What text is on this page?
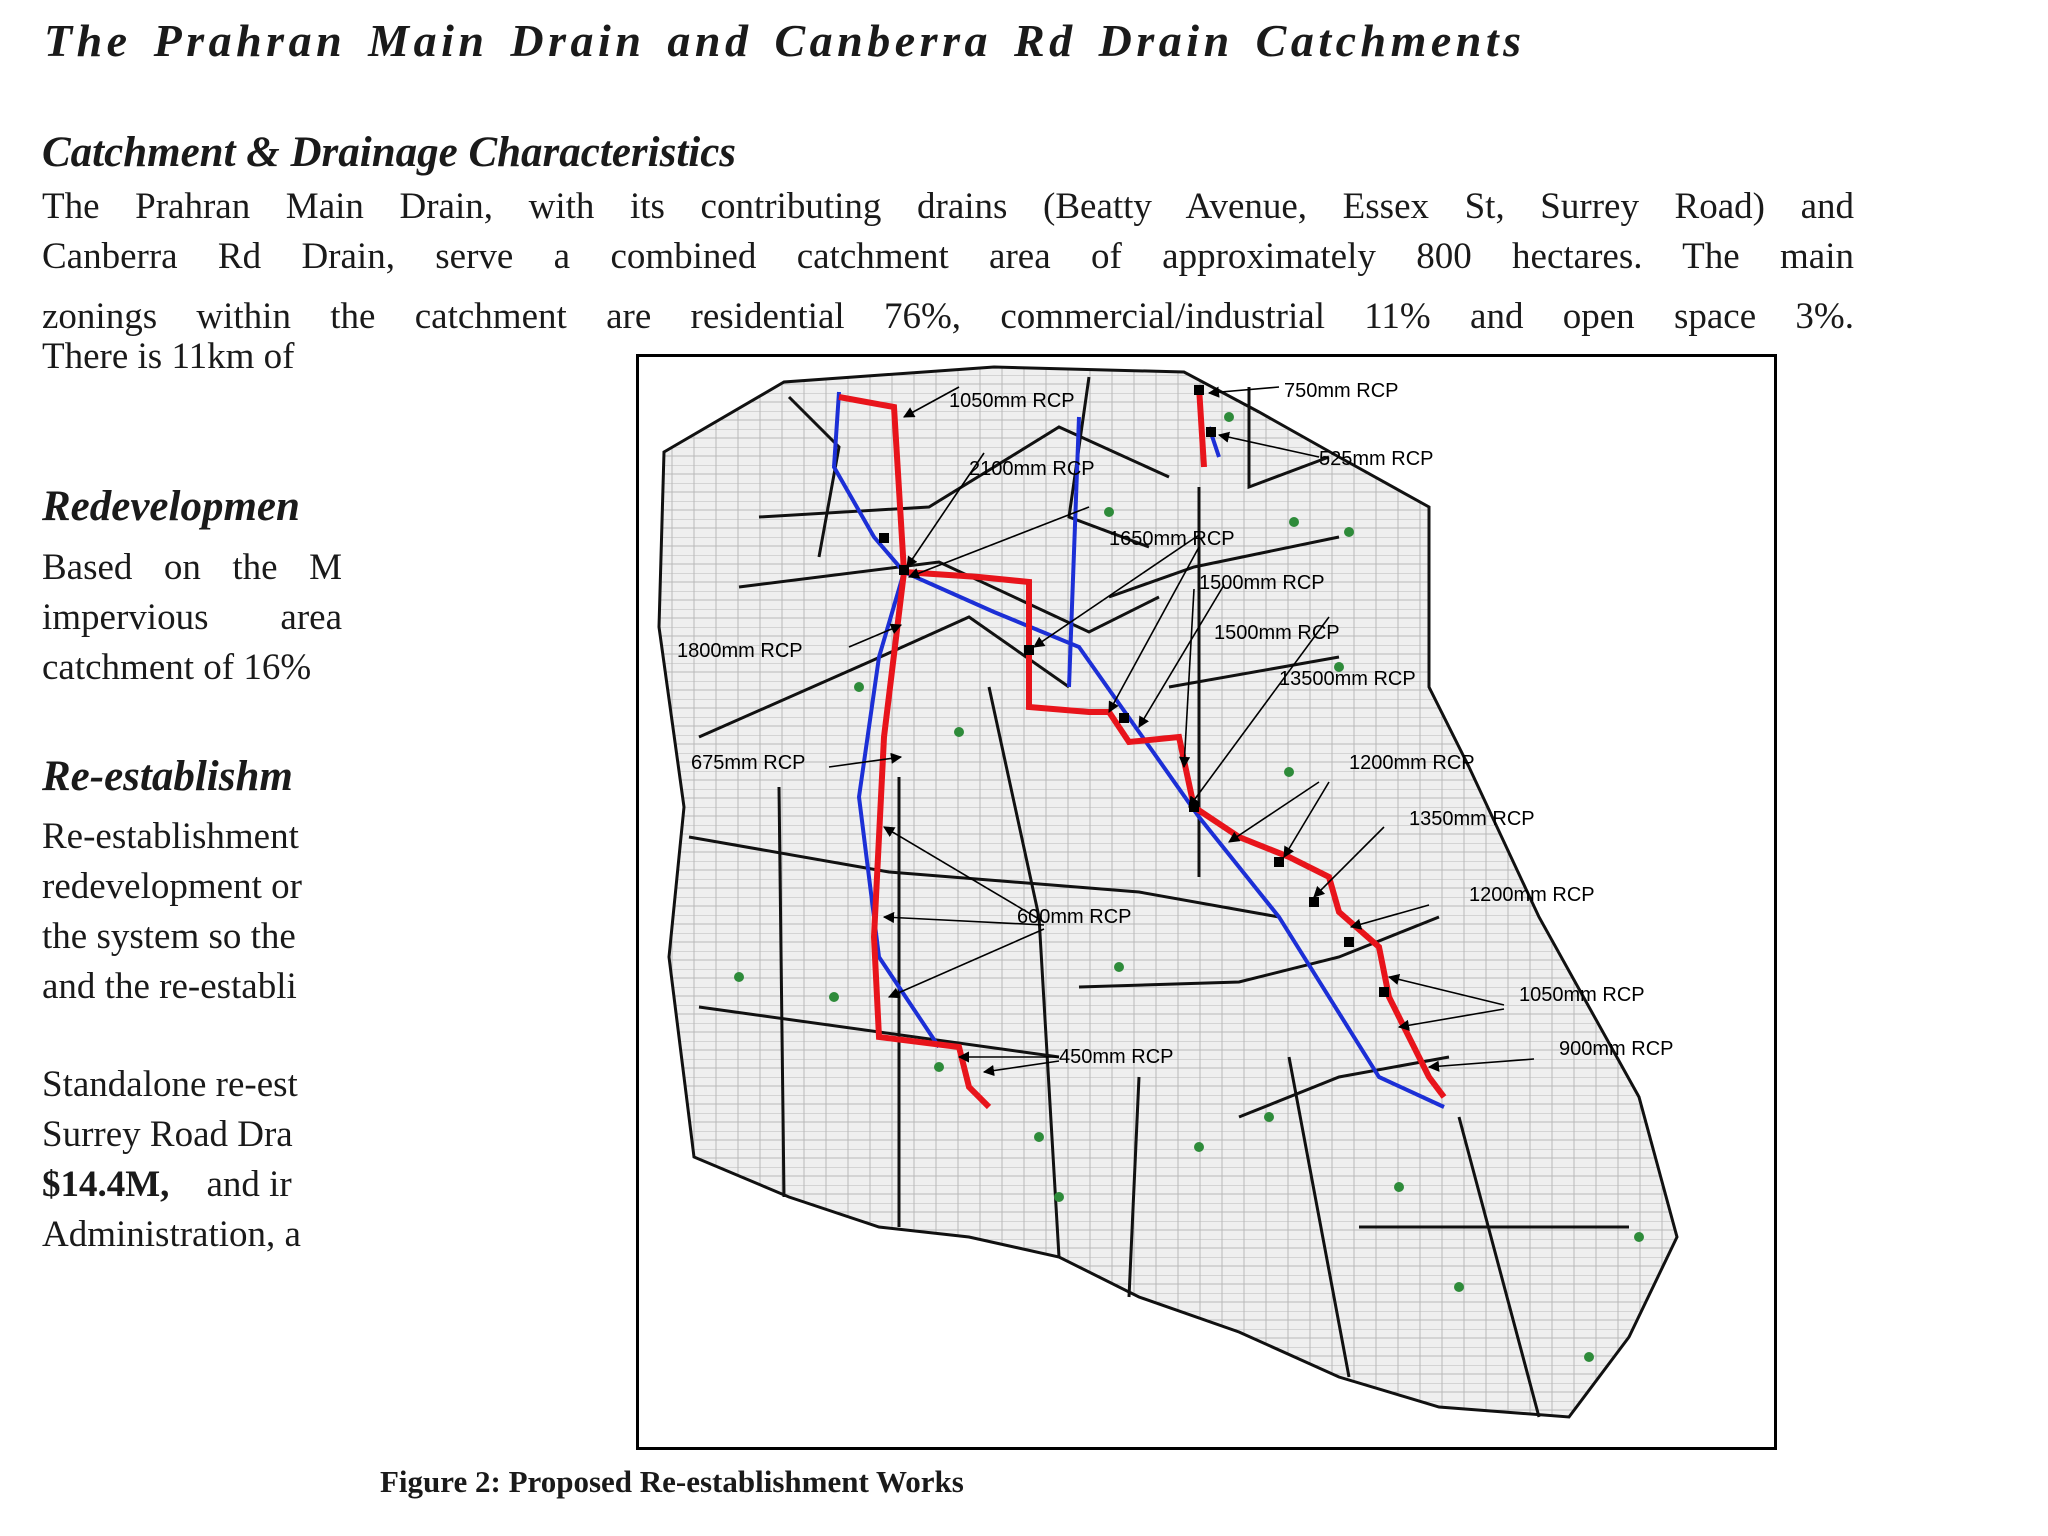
The Prahran Main Drain and Canberra Rd Drain Catchments
Catchment & Drainage Characteristics
The Prahran Main Drain, with its contributing drains (Beatty Avenue, Essex St, Surrey Road) and
Canberra Rd Drain, serve a combined catchment area of approximately 800 hectares. The main
zonings within the catchment are residential 76%, commercial/industrial 11% and open space 3%.
There is 11km of
Redevelopmen
Based on the M
impervious area
catchment of 16%
Re-establishm
Re-establishment
redevelopment or
the system so the
and the re-establi
Standalone re-est
Surrey Road Dra
$14.4M, and ir
Administration, a
1050mm RCP	750mm RCP
525mm RCP
2100mm RCP
1650mm RCP
1500mm RCP
1500mm RCP
1800mm RCP
13500mm RCP
675mm RCP	1200mm RCP
1350mm RCP
1200mm RCP
600mm RCP
1050mm RCP
450mm RCP	900mm RCP

Figure 2: Proposed Re-establishment Works
